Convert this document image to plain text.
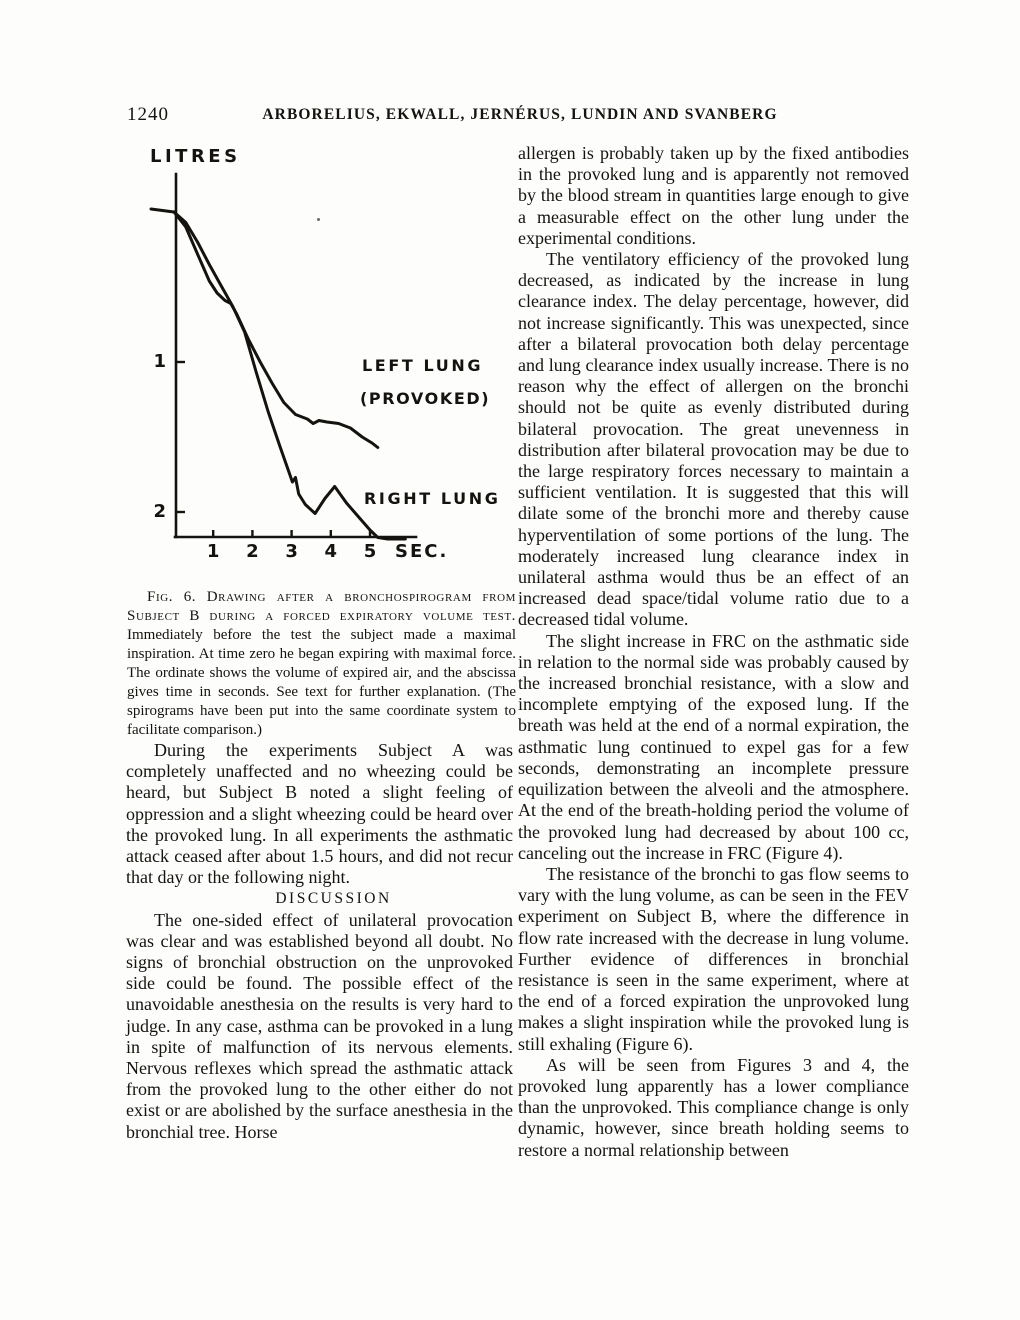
1240	ARBORELIUS, EKWALL, JERNÉRUS, LUNDIN AND SVANBERG
LITRES
LEFT LUNG
(PROVOKED)
RIGHT LUNG
SEC.
1	2	3	4	5
1
2

Fig. 6. Drawing after a bronchospirogram from Subject B during a forced expiratory volume test. Immediately before the test the subject made a maximal inspiration. At time zero he began expiring with maximal force. The ordinate shows the volume of expired air, and the abscissa gives time in seconds. See text for further explanation. (The spirograms have been put into the same coordinate system to facilitate comparison.)

During the experiments Subject A was completely unaffected and no wheezing could be heard, but Subject B noted a slight feeling of oppression and a slight wheezing could be heard over the provoked lung. In all experiments the asthmatic attack ceased after about 1.5 hours, and did not recur that day or the following night.

DISCUSSION

The one-sided effect of unilateral provocation was clear and was established beyond all doubt. No signs of bronchial obstruction on the unprovoked side could be found. The possible effect of the unavoidable anesthesia on the results is very hard to judge. In any case, asthma can be provoked in a lung in spite of malfunction of its nervous elements. Nervous reflexes which spread the asthmatic attack from the provoked lung to the other either do not exist or are abolished by the surface anesthesia in the bronchial tree. Horse

allergen is probably taken up by the fixed antibodies in the provoked lung and is apparently not removed by the blood stream in quantities large enough to give a measurable effect on the other lung under the experimental conditions.

The ventilatory efficiency of the provoked lung decreased, as indicated by the increase in lung clearance index. The delay percentage, however, did not increase significantly. This was unexpected, since after a bilateral provocation both delay percentage and lung clearance index usually increase. There is no reason why the effect of allergen on the bronchi should not be quite as evenly distributed during bilateral provocation. The great unevenness in distribution after bilateral provocation may be due to the large respiratory forces necessary to maintain a sufficient ventilation. It is suggested that this will dilate some of the bronchi more and thereby cause hyperventilation of some portions of the lung. The moderately increased lung clearance index in unilateral asthma would thus be an effect of an increased dead space/tidal volume ratio due to a decreased tidal volume.

The slight increase in FRC on the asthmatic side in relation to the normal side was probably caused by the increased bronchial resistance, with a slow and incomplete emptying of the exposed lung. If the breath was held at the end of a normal expiration, the asthmatic lung continued to expel gas for a few seconds, demonstrating an incomplete pressure equilization between the alveoli and the atmosphere. At the end of the breath-holding period the volume of the provoked lung had decreased by about 100 cc, canceling out the increase in FRC (Figure 4).

The resistance of the bronchi to gas flow seems to vary with the lung volume, as can be seen in the FEV experiment on Subject B, where the difference in flow rate increased with the decrease in lung volume. Further evidence of differences in bronchial resistance is seen in the same experiment, where at the end of a forced expiration the unprovoked lung makes a slight inspiration while the provoked lung is still exhaling (Figure 6).

As will be seen from Figures 3 and 4, the provoked lung apparently has a lower compliance than the unprovoked. This compliance change is only dynamic, however, since breath holding seems to restore a normal relationship between
